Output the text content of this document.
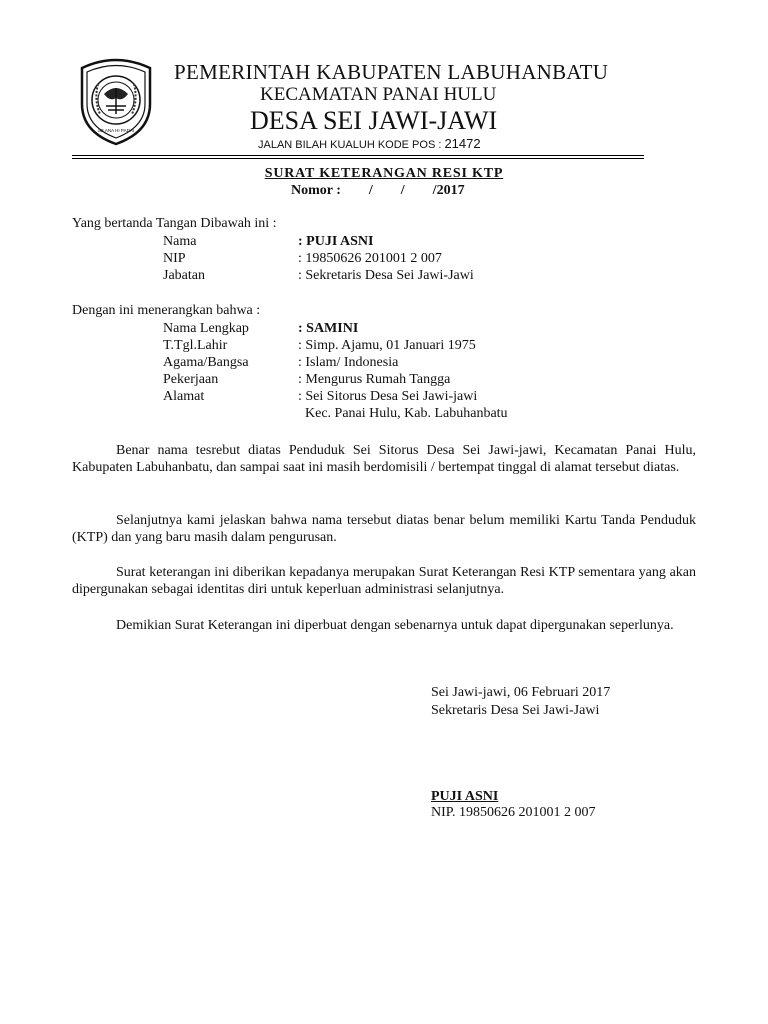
SE ANA HI PADAI
PEMERINTAH KABUPATEN LABUHANBATU
KECAMATAN PANAI HULU
DESA SEI JAWI-JAWI
JALAN BILAH KUALUH KODE POS : 21472
SURAT KETERANGAN RESI KTP
Nomor :        /        /        /2017
Yang bertanda Tangan Dibawah ini :
Nama	: PUJI ASNI
NIP	: 19850626 201001 2 007
Jabatan	: Sekretaris Desa Sei Jawi-Jawi
Dengan ini menerangkan bahwa :
Nama Lengkap	: SAMINI
T.Tgl.Lahir	: Simp. Ajamu, 01 Januari 1975
Agama/Bangsa	: Islam/ Indonesia
Pekerjaan	: Mengurus Rumah Tangga
Alamat	: Sei Sitorus Desa Sei Jawi-jawi
Kec. Panai Hulu, Kab. Labuhanbatu
Benar nama tesrebut diatas Penduduk Sei Sitorus Desa Sei Jawi-jawi, Kecamatan Panai Hulu, Kabupaten Labuhanbatu, dan sampai saat ini masih berdomisili / bertempat tinggal di alamat tersebut diatas.
Selanjutnya kami jelaskan bahwa nama tersebut diatas benar belum memiliki Kartu Tanda Penduduk (KTP) dan yang baru masih dalam pengurusan.
Surat keterangan ini diberikan kepadanya merupakan Surat Keterangan Resi KTP sementara yang akan dipergunakan sebagai identitas diri untuk keperluan administrasi selanjutnya.
Demikian Surat Keterangan ini diperbuat dengan sebenarnya untuk dapat dipergunakan seperlunya.
Sei Jawi-jawi, 06 Februari 2017
Sekretaris Desa Sei Jawi-Jawi
PUJI ASNI
NIP. 19850626 201001 2 007
